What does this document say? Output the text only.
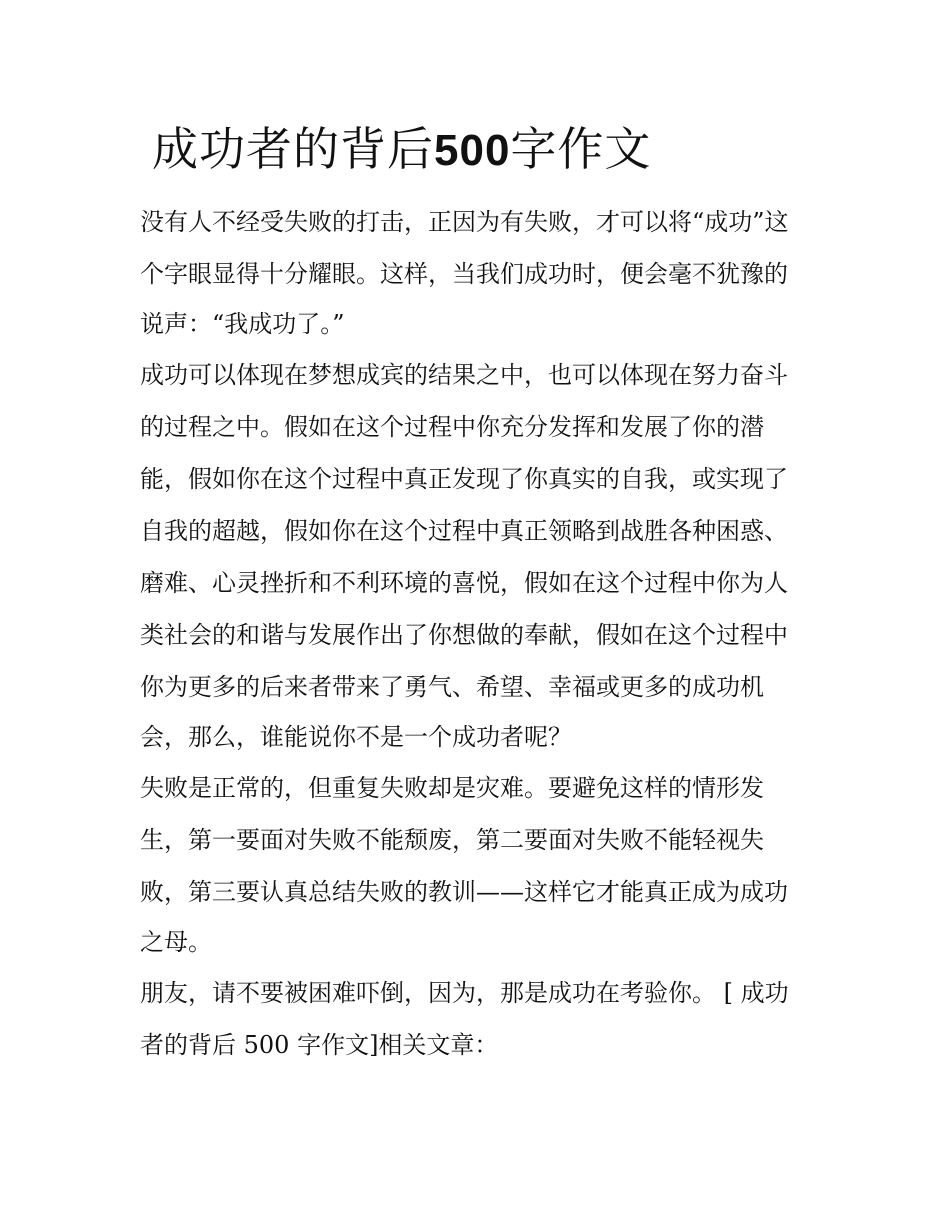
成功者的背后500字作文
没有人不经受失败的打击，正因为有失败，才可以将“成功”这
个字眼显得十分耀眼。这样，当我们成功时，便会毫不犹豫的
说声：“我成功了。”
成功可以体现在梦想成宾的结果之中，也可以体现在努力奋斗
的过程之中。假如在这个过程中你充分发挥和发展了你的潜
能，假如你在这个过程中真正发现了你真实的自我，或实现了
自我的超越，假如你在这个过程中真正领略到战胜各种困惑、
磨难、心灵挫折和不利环境的喜悦，假如在这个过程中你为人
类社会的和谐与发展作出了你想做的奉献，假如在这个过程中
你为更多的后来者带来了勇气、希望、幸福或更多的成功机
会，那么，谁能说你不是一个成功者呢？
失败是正常的，但重复失败却是灾难。要避免这样的情形发
生，第一要面对失败不能颓废，第二要面对失败不能轻视失
败，第三要认真总结失败的教训——这样它才能真正成为成功
之母。
朋友，请不要被困难吓倒，因为，那是成功在考验你。 [ 成功
者的背后 500 字作文]相关文章：
